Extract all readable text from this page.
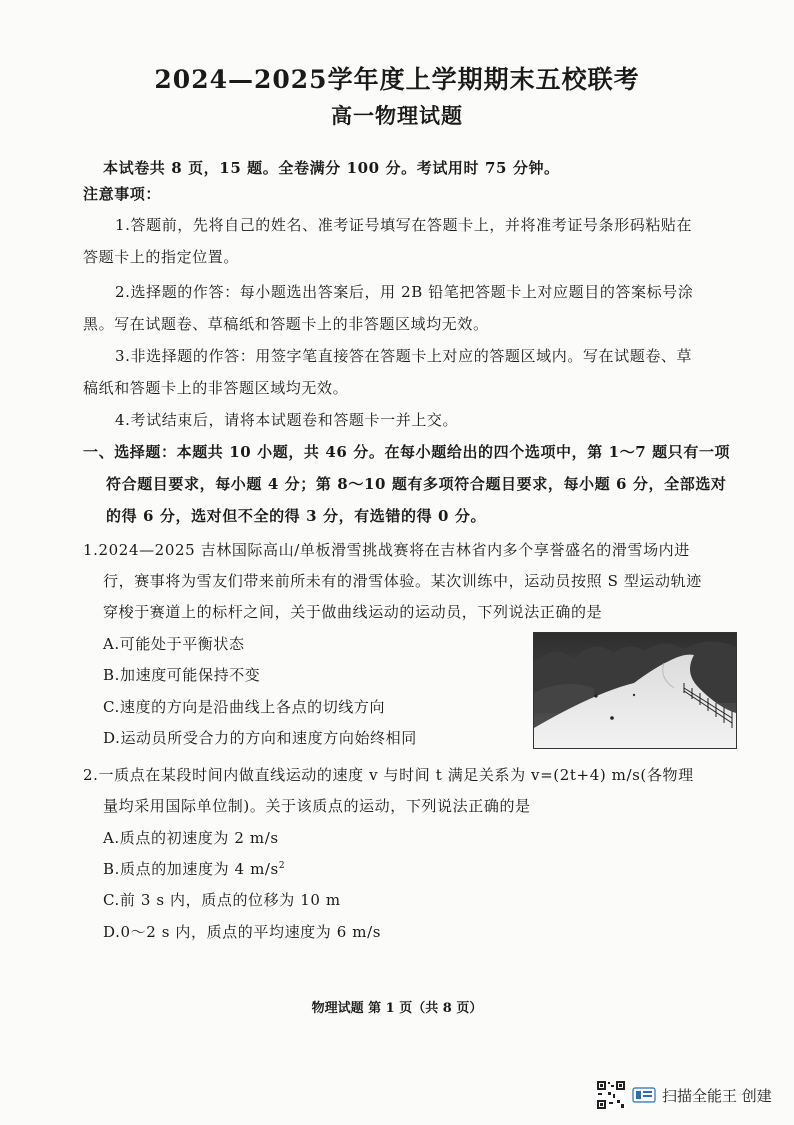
2024—2025学年度上学期期末五校联考
高一物理试题
本试卷共 8 页，15 题。全卷满分 100 分。考试用时 75 分钟。
注意事项：
1.答题前，先将自己的姓名、准考证号填写在答题卡上，并将准考证号条形码粘贴在
答题卡上的指定位置。
2.选择题的作答：每小题选出答案后，用 2B 铅笔把答题卡上对应题目的答案标号涂
黑。写在试题卷、草稿纸和答题卡上的非答题区域均无效。
3.非选择题的作答：用签字笔直接答在答题卡上对应的答题区域内。写在试题卷、草
稿纸和答题卡上的非答题区域均无效。
4.考试结束后，请将本试题卷和答题卡一并上交。
一、选择题：本题共 10 小题，共 46 分。在每小题给出的四个选项中，第 1～7 题只有一项
符合题目要求，每小题 4 分；第 8～10 题有多项符合题目要求，每小题 6 分，全部选对
的得 6 分，选对但不全的得 3 分，有选错的得 0 分。
1.2024—2025 吉林国际高山/单板滑雪挑战赛将在吉林省内多个享誉盛名的滑雪场内进
行，赛事将为雪友们带来前所未有的滑雪体验。某次训练中，运动员按照 S 型运动轨迹
穿梭于赛道上的标杆之间，关于做曲线运动的运动员，下列说法正确的是
A.可能处于平衡状态
B.加速度可能保持不变
C.速度的方向是沿曲线上各点的切线方向
D.运动员所受合力的方向和速度方向始终相同
2.一质点在某段时间内做直线运动的速度 v 与时间 t 满足关系为 v=(2t+4) m/s(各物理
量均采用国际单位制)。关于该质点的运动，下列说法正确的是
A.质点的初速度为 2 m/s
B.质点的加速度为 4 $m/s^2$
C.前 3 s 内，质点的位移为 10 m
D.0～2 s 内，质点的平均速度为 6 m/s
物理试题 第 1 页（共 8 页）
扫描全能王 创建
